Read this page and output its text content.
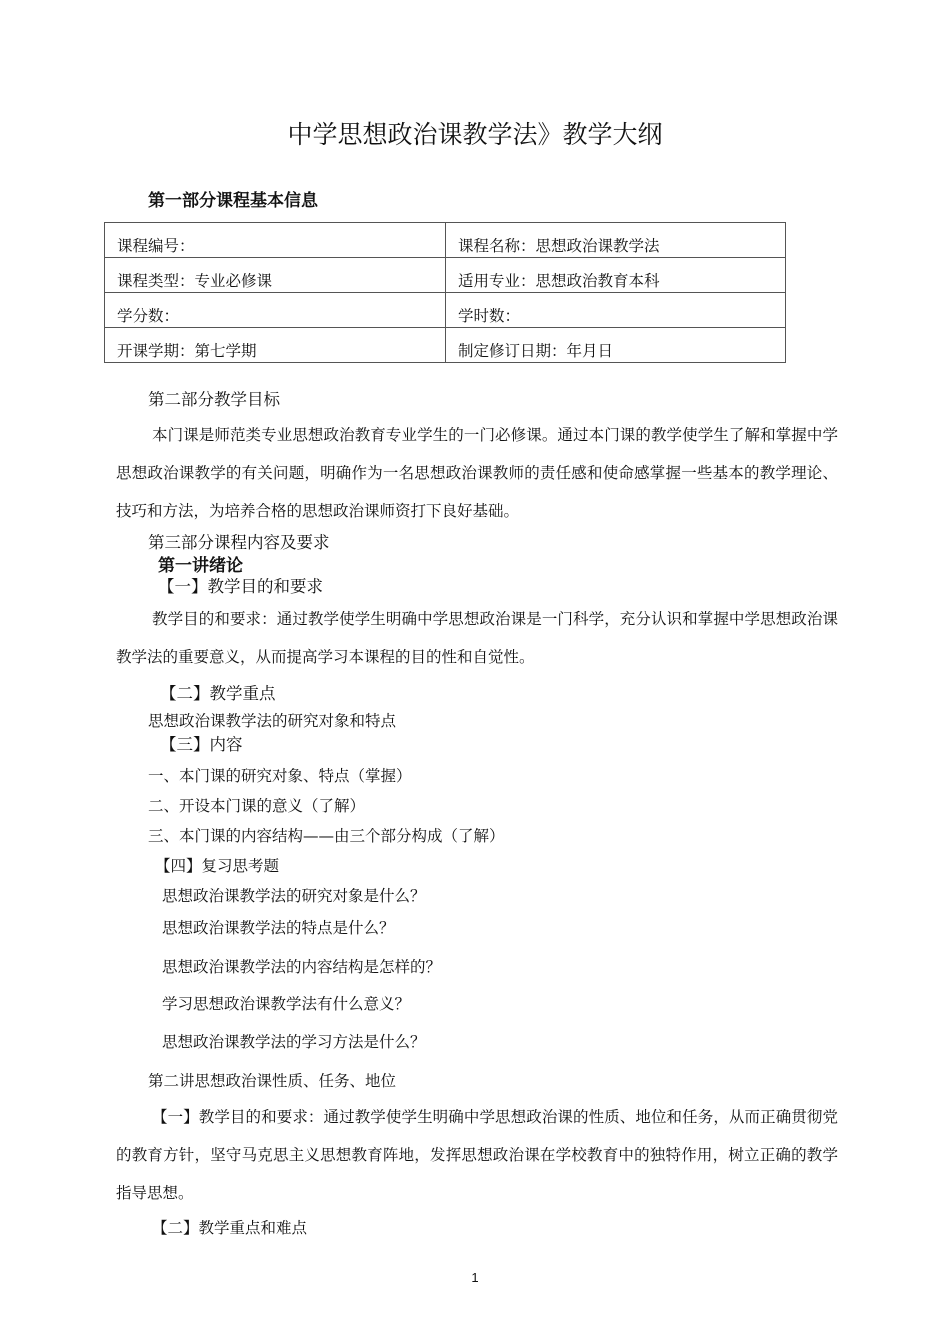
中学思想政治课教学法》教学大纲
第一部分课程基本信息
课程编号：	课程名称：思想政治课教学法
课程类型：专业必修课	适用专业：思想政治教育本科
学分数：	学时数：
开课学期：第七学期	制定修订日期：年月日
第二部分教学目标
本门课是师范类专业思想政治教育专业学生的一门必修课。通过本门课的教学使学生了解和掌握中学思想政治课教学的有关问题，明确作为一名思想政治课教师的责任感和使命感掌握一些基本的教学理论、技巧和方法，为培养合格的思想政治课师资打下良好基础。
第三部分课程内容及要求
第一讲绪论
【一】教学目的和要求
教学目的和要求：通过教学使学生明确中学思想政治课是一门科学，充分认识和掌握中学思想政治课教学法的重要意义，从而提高学习本课程的目的性和自觉性。
【二】教学重点
思想政治课教学法的研究对象和特点
【三】内容
一、本门课的研究对象、特点（掌握）
二、开设本门课的意义（了解）
三、本门课的内容结构——由三个部分构成（了解）
【四】复习思考题
思想政治课教学法的研究对象是什么？
思想政治课教学法的特点是什么？
思想政治课教学法的内容结构是怎样的？
学习思想政治课教学法有什么意义？
思想政治课教学法的学习方法是什么？
第二讲思想政治课性质、任务、地位
【一】教学目的和要求：通过教学使学生明确中学思想政治课的性质、地位和任务，从而正确贯彻党的教育方针，坚守马克思主义思想教育阵地，发挥思想政治课在学校教育中的独特作用，树立正确的教学指导思想。
【二】教学重点和难点
1
